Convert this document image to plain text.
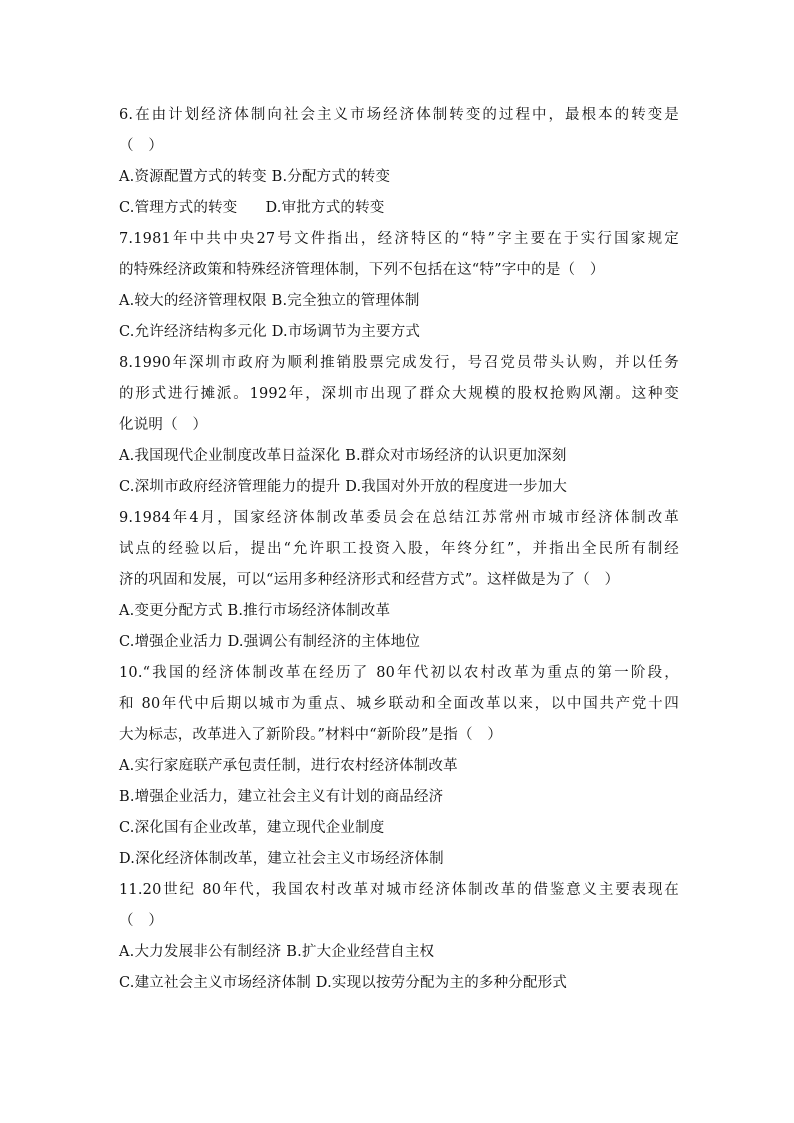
6.在由计划经济体制向社会主义市场经济体制转变的过程中，最根本的转变是
（　）
A.资源配置方式的转变 B.分配方式的转变
C.管理方式的转变 D.审批方式的转变
7.1981年中共中央27号文件指出，经济特区的“特”字主要在于实行国家规定
的特殊经济政策和特殊经济管理体制，下列不包括在这“特”字中的是（　）
A.较大的经济管理权限 B.完全独立的管理体制
C.允许经济结构多元化 D.市场调节为主要方式
8.1990年深圳市政府为顺利推销股票完成发行，号召党员带头认购，并以任务
的形式进行摊派。1992年，深圳市出现了群众大规模的股权抢购风潮。这种变
化说明（　）
A.我国现代企业制度改革日益深化 B.群众对市场经济的认识更加深刻
C.深圳市政府经济管理能力的提升 D.我国对外开放的程度进一步加大
9.1984年4月，国家经济体制改革委员会在总结江苏常州市城市经济体制改革
试点的经验以后，提出“允许职工投资入股，年终分红”，并指出全民所有制经
济的巩固和发展，可以“运用多种经济形式和经营方式”。这样做是为了（　）
A.变更分配方式 B.推行市场经济体制改革
C.增强企业活力 D.强调公有制经济的主体地位
10.“我国的经济体制改革在经历了 80年代初以农村改革为重点的第一阶段，
和 80年代中后期以城市为重点、城乡联动和全面改革以来，以中国共产党十四
大为标志，改革进入了新阶段。”材料中“新阶段”是指（　）
A.实行家庭联产承包责任制，进行农村经济体制改革
B.增强企业活力，建立社会主义有计划的商品经济
C.深化国有企业改革，建立现代企业制度
D.深化经济体制改革，建立社会主义市场经济体制
11.20世纪 80年代，我国农村改革对城市经济体制改革的借鉴意义主要表现在
（　）
A.大力发展非公有制经济 B.扩大企业经营自主权
C.建立社会主义市场经济体制 D.实现以按劳分配为主的多种分配形式
